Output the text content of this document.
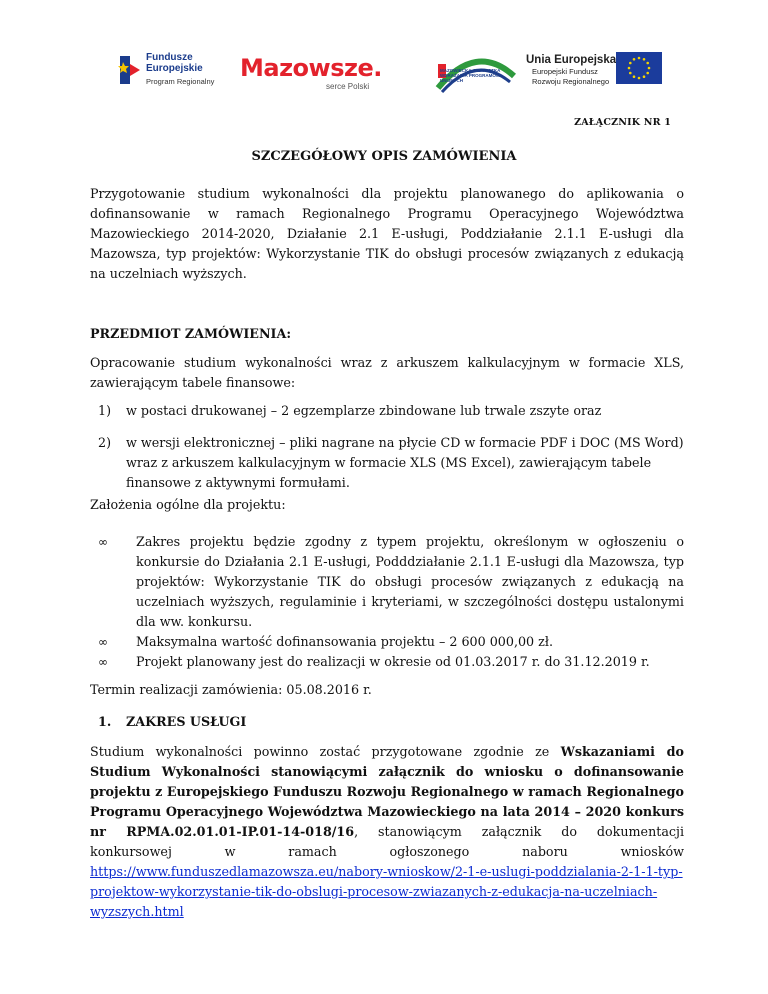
Fundusze
Europejskie
Program Regionalny Mazowsze.
serce Polski
MAZOWIECKA JEDNOSTKA WDRAŻANIA PROGRAMÓW UNIJNYCH
Unia Europejska
Europejski Fundusz
Rozwoju Regionalnego
ZAŁĄCZNIK NR 1
SZCZEGÓŁOWY OPIS ZAMÓWIENIA
Przygotowanie studium wykonalności dla projektu planowanego do aplikowania o dofinansowanie w ramach Regionalnego Programu Operacyjnego Województwa Mazowieckiego 2014-2020, Działanie 2.1 E-usługi, Poddziałanie 2.1.1 E-usługi dla Mazowsza, typ projektów: Wykorzystanie TIK do obsługi procesów związanych z edukacją na uczelniach wyższych.
PRZEDMIOT ZAMÓWIENIA:
Opracowanie studium wykonalności wraz z arkuszem kalkulacyjnym w formacie XLS, zawierającym tabele finansowe:
1) w postaci drukowanej – 2 egzemplarze zbindowane lub trwale zszyte oraz
2) w wersji elektronicznej – pliki nagrane na płycie CD w formacie PDF i DOC (MS Word) wraz z arkuszem kalkulacyjnym w formacie XLS (MS Excel), zawierającym tabele finansowe z aktywnymi formułami.
Założenia ogólne dla projektu:
∞ Zakres projektu będzie zgodny z typem projektu, określonym w ogłoszeniu o konkursie do Działania 2.1 E-usługi, Podddziałanie 2.1.1 E-usługi dla Mazowsza, typ projektów: Wykorzystanie TIK do obsługi procesów związanych z edukacją na uczelniach wyższych, regulaminie i kryteriami, w szczególności dostępu ustalonymi dla ww. konkursu.
∞ Maksymalna wartość dofinansowania projektu – 2 600 000,00 zł.
∞ Projekt planowany jest do realizacji w okresie od 01.03.2017 r. do 31.12.2019 r.
Termin realizacji zamówienia: 05.08.2016 r.
1. ZAKRES USŁUGI
Studium wykonalności powinno zostać przygotowane zgodnie ze Wskazaniami do Studium Wykonalności stanowiącymi załącznik do wniosku o dofinansowanie projektu z Europejskiego Funduszu Rozwoju Regionalnego w ramach Regionalnego Programu Operacyjnego Województwa Mazowieckiego na lata 2014 – 2020 konkurs nr RPMA.02.01.01-IP.01-14-018/16, stanowiącym załącznik do dokumentacji konkursowej w ramach ogłoszonego naboru wniosków https://www.funduszedlamazowsza.eu/nabory-wnioskow/2-1-e-uslugi-poddzialania-2-1-1-typ-projektow-wykorzystanie-tik-do-obslugi-procesow-zwiazanych-z-edukacja-na-uczelniach-wyzszych.html
